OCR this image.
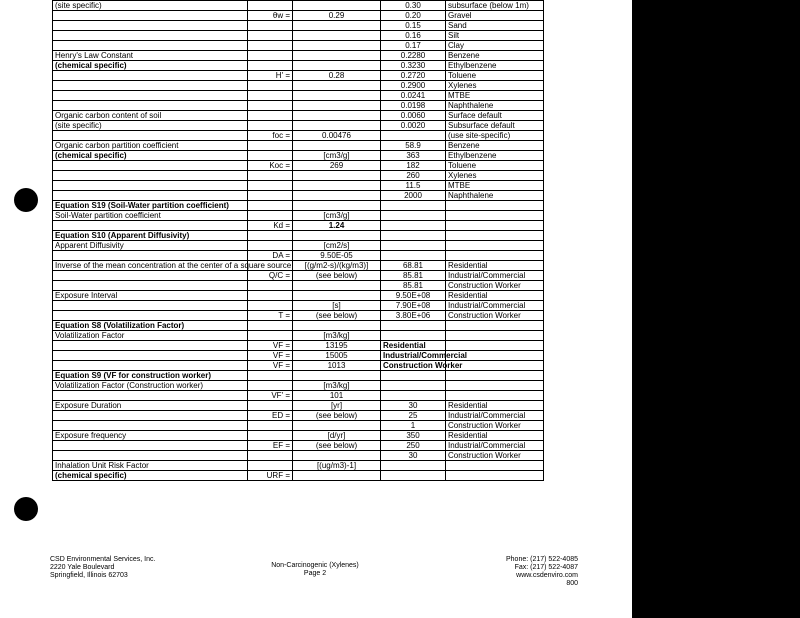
(site specific)			0.30	subsurface (below 1m)
	θw =	0.29	0.20	Gravel
			0.15	Sand
			0.16	Silt
			0.17	Clay
Henry's Law Constant			0.2280	Benzene
(chemical specific)			0.3230	Ethylbenzene
	H' =	0.28	0.2720	Toluene
			0.2900	Xylenes
			0.0241	MTBE
			0.0198	Naphthalene
Organic carbon content of soil			0.0060	Surface default
(site specific)			0.0020	Subsurface default
	foc =	0.00476		(use site-specific)
Organic carbon partition coefficient			58.9	Benzene
(chemical specific)		[cm3/g]	363	Ethylbenzene
	Koc =	269	182	Toluene
			260	Xylenes
			11.5	MTBE
			2000	Naphthalene
Equation S19 (Soil-Water partition coefficient)				
Soil-Water partition coefficient		[cm3/g]		
	Kd =	1.24		
Equation S10 (Apparent Diffusivity)				
Apparent Diffusivity		[cm2/s]		
	DA =	9.50E-05		
Inverse of the mean concentration at the center of a square source		[(g/m2-s)/(kg/m3)]	68.81	Residential
	Q/C =	(see below)	85.81	Industrial/Commercial
			85.81	Construction Worker
Exposure Interval			9.50E+08	Residential
		[s]	7.90E+08	Industrial/Commercial
	T =	(see below)	3.80E+06	Construction Worker
Equation S8 (Volatilization Factor)				
Volatilization Factor		[m3/kg]		
	VF =	13195	Residential	
	VF =	15005	Industrial/Commercial	
	VF =	1013	Construction Worker	
Equation S9 (VF for construction worker)				
Volatilization Factor (Construction worker)		[m3/kg]		
	VF' =	101		
Exposure Duration		[yr]	30	Residential
	ED =	(see below)	25	Industrial/Commercial
			1	Construction Worker
Exposure frequency		[d/yr]	350	Residential
	EF =	(see below)	250	Industrial/Commercial
			30	Construction Worker
Inhalation Unit Risk Factor		[(ug/m3)-1]		
(chemical specific)	URF =			
CSD Environmental Services, Inc.
2220 Yale Boulevard
Springfield, Illinois 62703
Non-Carcinogenic (Xylenes)
Page 2
Phone: (217) 522-4085
Fax: (217) 522-4087
www.csdenviro.com
800
